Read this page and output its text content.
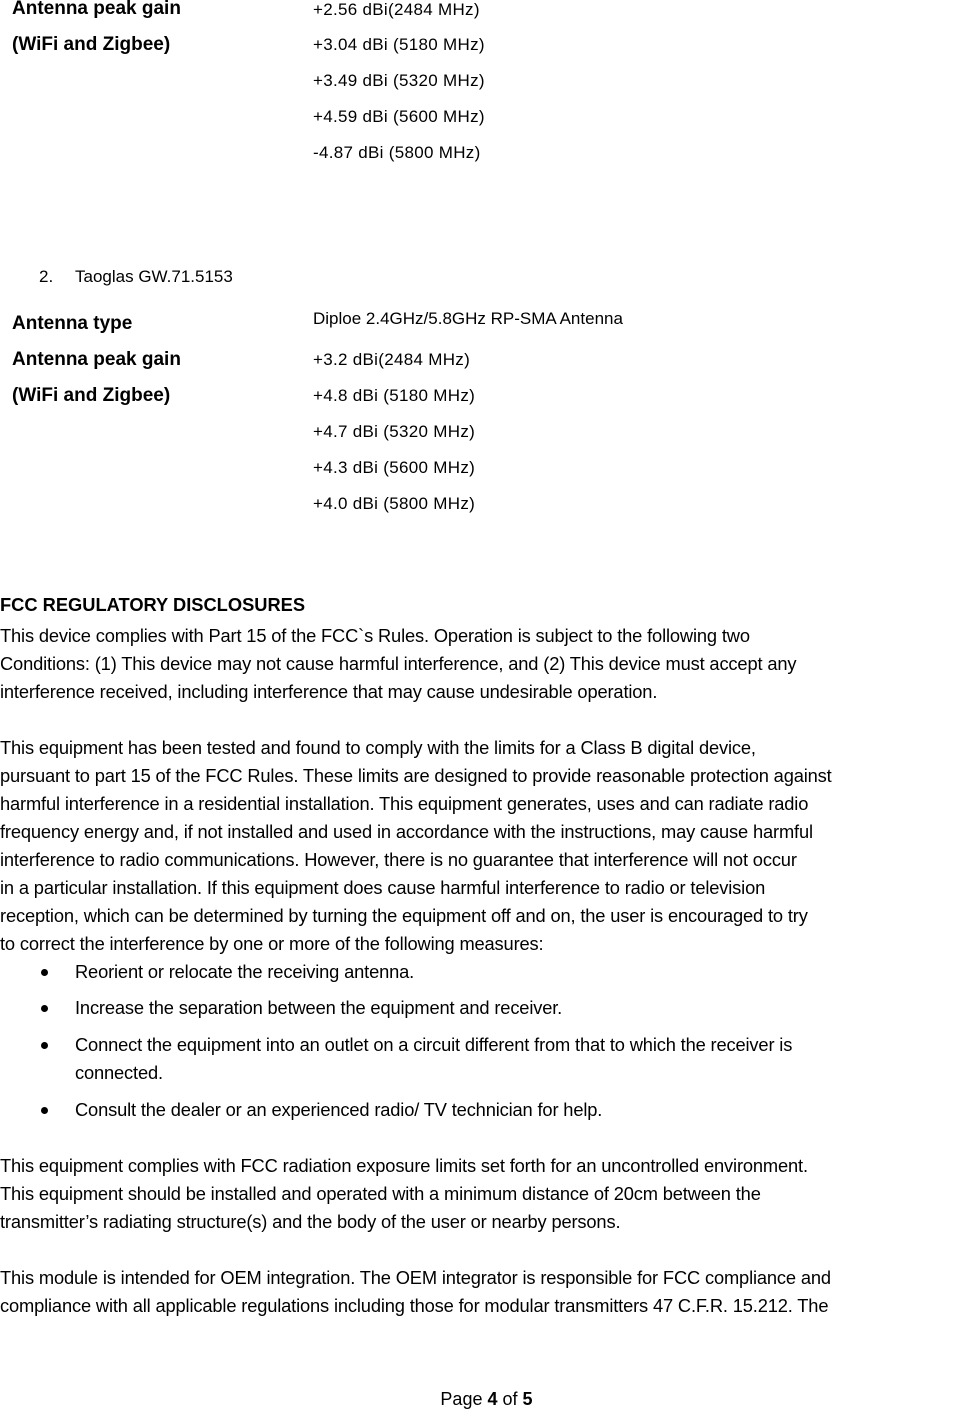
Antenna peak gain
(WiFi and Zigbee)
+2.56 dBi(2484 MHz)
+3.04 dBi (5180 MHz)
+3.49 dBi (5320 MHz)
+4.59 dBi (5600 MHz)
-4.87 dBi (5800 MHz)
2. Taoglas GW.71.5153
Antenna type	Diploe 2.4GHz/5.8GHz RP-SMA Antenna
Antenna peak gain
(WiFi and Zigbee)
+3.2 dBi(2484 MHz)
+4.8 dBi (5180 MHz)
+4.7 dBi (5320 MHz)
+4.3 dBi (5600 MHz)
+4.0 dBi (5800 MHz)
FCC REGULATORY DISCLOSURES
This device complies with Part 15 of the FCC`s Rules. Operation is subject to the following two
Conditions: (1) This device may not cause harmful interference, and (2) This device must accept any
interference received, including interference that may cause undesirable operation.
This equipment has been tested and found to comply with the limits for a Class B digital device,
pursuant to part 15 of the FCC Rules. These limits are designed to provide reasonable protection against
harmful interference in a residential installation. This equipment generates, uses and can radiate radio
frequency energy and, if not installed and used in accordance with the instructions, may cause harmful
interference to radio communications. However, there is no guarantee that interference will not occur
in a particular installation. If this equipment does cause harmful interference to radio or television
reception, which can be determined by turning the equipment off and on, the user is encouraged to try
to correct the interference by one or more of the following measures:
Reorient or relocate the receiving antenna.
Increase the separation between the equipment and receiver.
Connect the equipment into an outlet on a circuit different from that to which the receiver is
connected.
Consult the dealer or an experienced radio/ TV technician for help.
This equipment complies with FCC radiation exposure limits set forth for an uncontrolled environment.
This equipment should be installed and operated with a minimum distance of 20cm between the
transmitter’s radiating structure(s) and the body of the user or nearby persons.
This module is intended for OEM integration. The OEM integrator is responsible for FCC compliance and
compliance with all applicable regulations including those for modular transmitters 47 C.F.R. 15.212. The
Page 4 of 5
